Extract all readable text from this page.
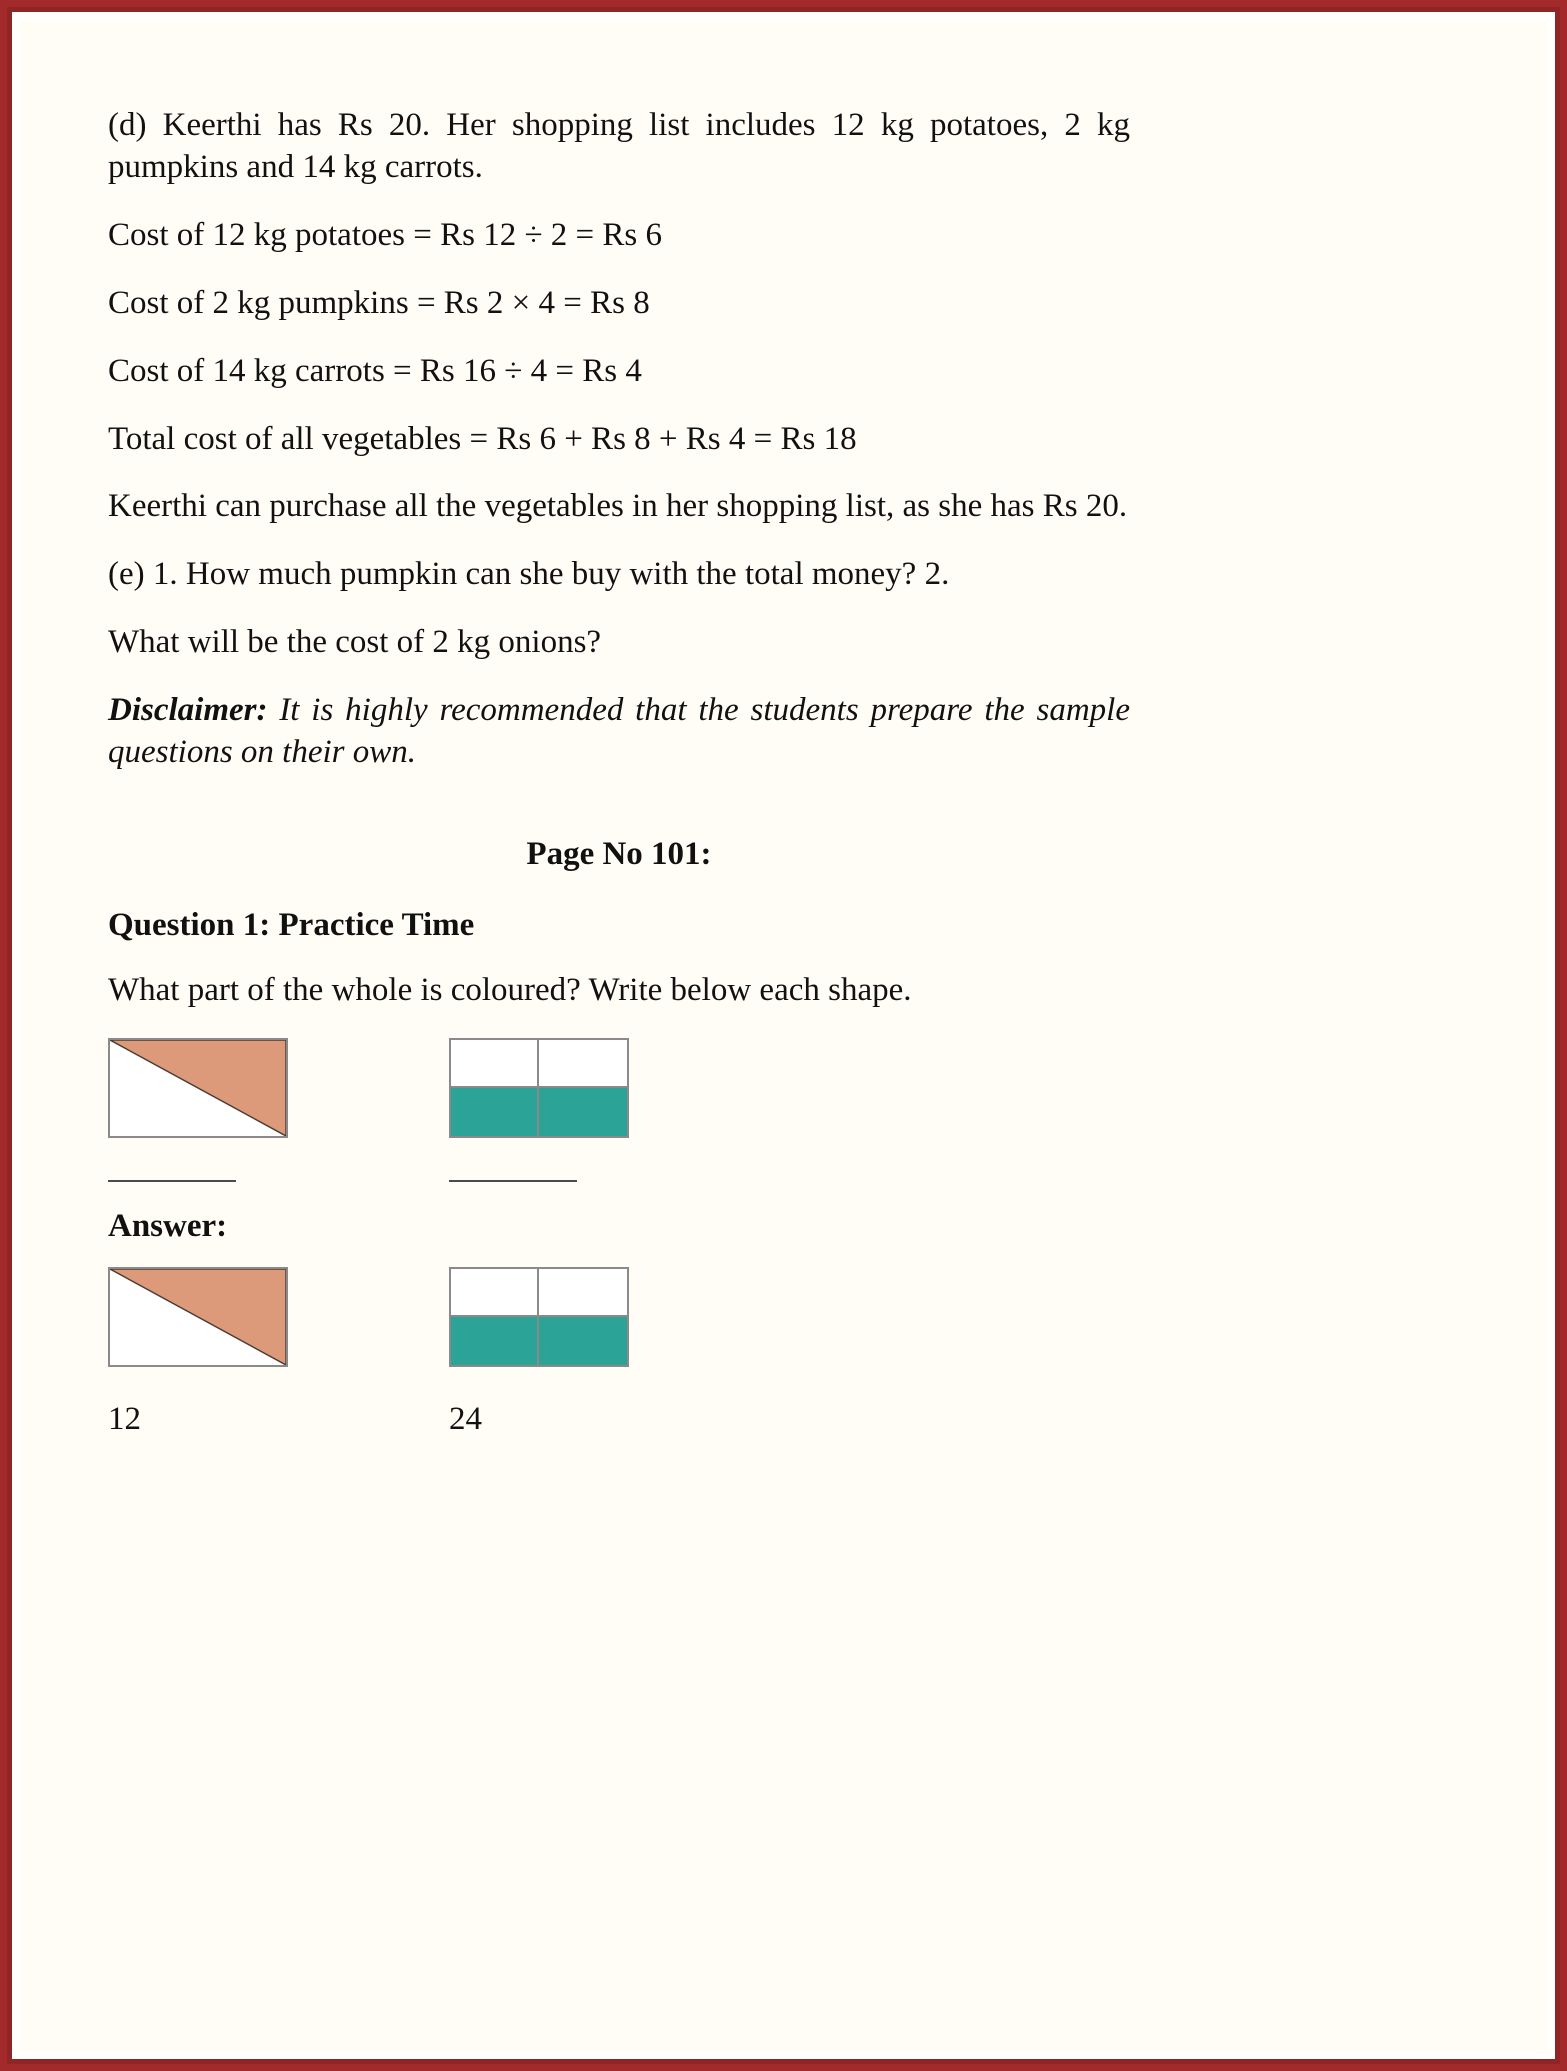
(d) Keerthi has Rs 20. Her shopping list includes 12 kg potatoes, 2 kg pumpkins and 14 kg carrots.

Cost of 12 kg potatoes = Rs 12 ÷ 2 = Rs 6

Cost of 2 kg pumpkins = Rs 2 × 4 = Rs 8

Cost of 14 kg carrots = Rs 16 ÷ 4 = Rs 4

Total cost of all vegetables = Rs 6 + Rs 8 + Rs 4 = Rs 18

Keerthi can purchase all the vegetables in her shopping list, as she has Rs 20.

(e) 1. How much pumpkin can she buy with the total money? 2.

What will be the cost of 2 kg onions?

Disclaimer: It is highly recommended that the students prepare the sample questions on their own.

Page No 101:
Question 1: Practice Time

What part of the whole is coloured? Write below each shape.

Answer:
12	24
